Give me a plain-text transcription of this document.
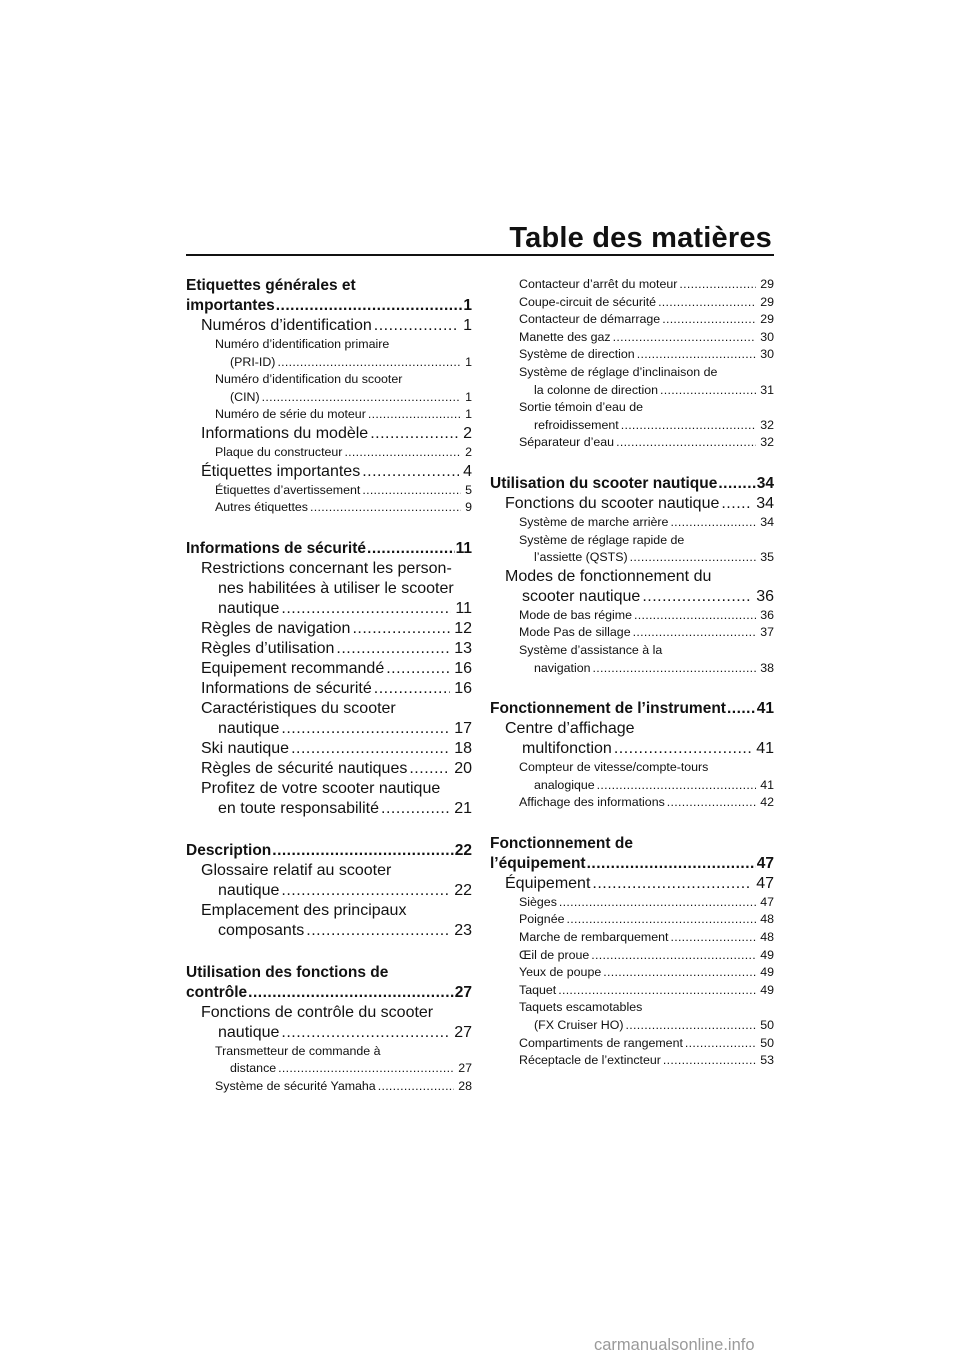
Table des matières
Etiquettes générales et
importantes .....	1
Numéros d’identification .....	1
Numéro d’identification primaire
(PRI-ID) .....	1
Numéro d’identification du scooter
(CIN) .....	1
Numéro de série du moteur .....	1
Informations du modèle .....	2
Plaque du constructeur .....	2
Étiquettes importantes .....	4
Étiquettes d’avertissement .....	5
Autres étiquettes .....	9
Informations de sécurité .....	11
Restrictions concernant les person-
nes habilitées à utiliser le scooter
nautique .....	11
Règles de navigation .....	12
Règles d’utilisation .....	13
Equipement recommandé .....	16
Informations de sécurité .....	16
Caractéristiques du scooter
nautique .....	17
Ski nautique .....	18
Règles de sécurité nautiques .....	20
Profitez de votre scooter nautique
en toute responsabilité .....	21
Description .....	22
Glossaire relatif au scooter
nautique .....	22
Emplacement des principaux
composants .....	23
Utilisation des fonctions de
contrôle .....	27
Fonctions de contrôle du scooter
nautique .....	27
Transmetteur de commande à
distance .....	27
Système de sécurité Yamaha .....	28
Contacteur d’arrêt du moteur .....	29
Coupe-circuit de sécurité .....	29
Contacteur de démarrage .....	29
Manette des gaz .....	30
Système de direction .....	30
Système de réglage d’inclinaison de
la colonne de direction .....	31
Sortie témoin d’eau de
refroidissement .....	32
Séparateur d’eau .....	32
Utilisation du scooter nautique .....	34
Fonctions du scooter nautique ..... 34
Système de marche arrière .....	34
Système de réglage rapide de
l’assiette (QSTS) .....	35
Modes de fonctionnement du
scooter nautique .....	36
Mode de bas régime .....	36
Mode Pas de sillage .....	37
Système d’assistance à la
navigation .....	38
Fonctionnement de l’instrument ..... 41
Centre d’affichage
multifonction .....	41
Compteur de vitesse/compte-tours
analogique .....	41
Affichage des informations .....	42
Fonctionnement de
l’équipement .....	47
Équipement .....	47
Sièges .....	47
Poignée .....	48
Marche de rembarquement .....	48
Œil de proue .....	49
Yeux de poupe .....	49
Taquet .....	49
Taquets escamotables
(FX Cruiser HO) .....	50
Compartiments de rangement .....	50
Réceptacle de l’extincteur .....	53
carmanualsonline.info
